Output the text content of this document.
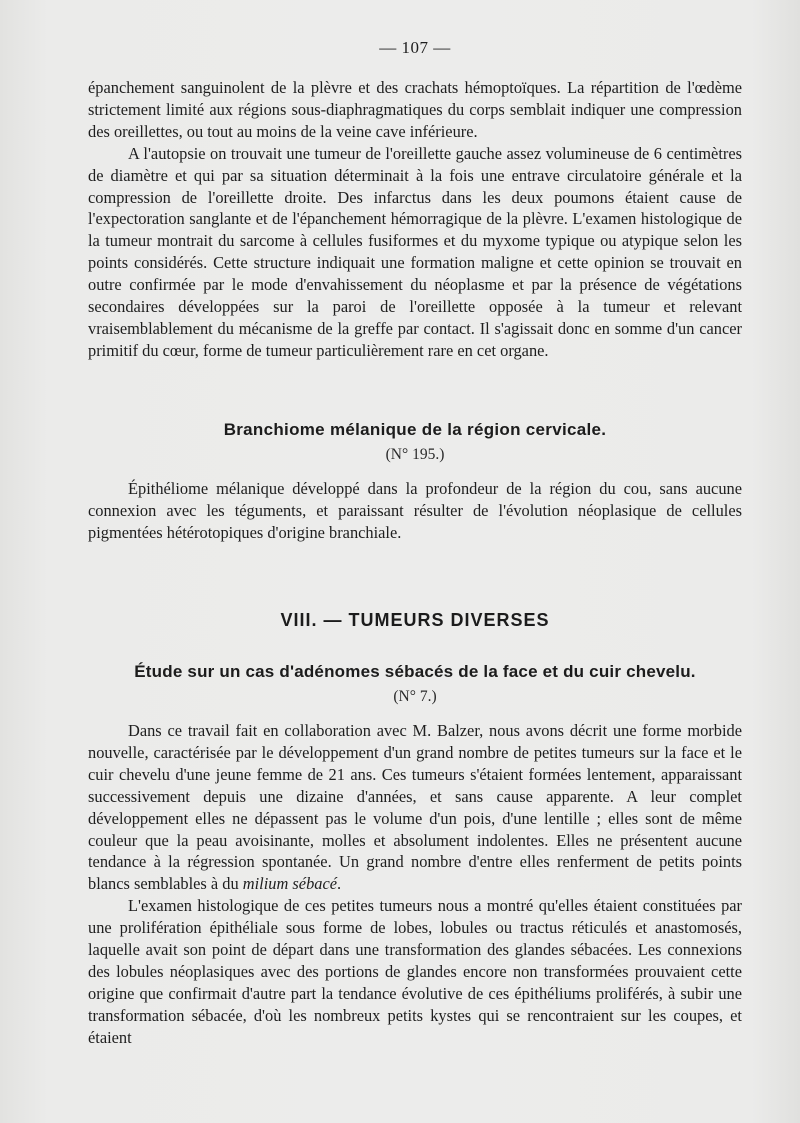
— 107 —

épanchement sanguinolent de la plèvre et des crachats hémoptoïques. La répartition de l'œdème strictement limité aux régions sous-diaphragmatiques du corps semblait indiquer une compression des oreillettes, ou tout au moins de la veine cave inférieure.

A l'autopsie on trouvait une tumeur de l'oreillette gauche assez volumineuse de 6 centimètres de diamètre et qui par sa situation déterminait à la fois une entrave circulatoire générale et la compression de l'oreillette droite. Des infarctus dans les deux poumons étaient cause de l'expectoration sanglante et de l'épanchement hémorragique de la plèvre. L'examen histologique de la tumeur montrait du sarcome à cellules fusiformes et du myxome typique ou atypique selon les points considérés. Cette structure indiquait une formation maligne et cette opinion se trouvait en outre confirmée par le mode d'envahissement du néoplasme et par la présence de végétations secondaires développées sur la paroi de l'oreillette opposée à la tumeur et relevant vraisemblablement du mécanisme de la greffe par contact. Il s'agissait donc en somme d'un cancer primitif du cœur, forme de tumeur particulièrement rare en cet organe.

Branchiome mélanique de la région cervicale.
(N° 195.)

Épithéliome mélanique développé dans la profondeur de la région du cou, sans aucune connexion avec les téguments, et paraissant résulter de l'évolution néoplasique de cellules pigmentées hétérotopiques d'origine branchiale.

VIII. — TUMEURS DIVERSES
Étude sur un cas d'adénomes sébacés de la face et du cuir chevelu.
(N° 7.)

Dans ce travail fait en collaboration avec M. Balzer, nous avons décrit une forme morbide nouvelle, caractérisée par le développement d'un grand nombre de petites tumeurs sur la face et le cuir chevelu d'une jeune femme de 21 ans. Ces tumeurs s'étaient formées lentement, apparaissant successivement depuis une dizaine d'années, et sans cause apparente. A leur complet développement elles ne dépassent pas le volume d'un pois, d'une lentille ; elles sont de même couleur que la peau avoisinante, molles et absolument indolentes. Elles ne présentent aucune tendance à la régression spontanée. Un grand nombre d'entre elles renferment de petits points blancs semblables à du milium sébacé.

L'examen histologique de ces petites tumeurs nous a montré qu'elles étaient constituées par une prolifération épithéliale sous forme de lobes, lobules ou tractus réticulés et anastomosés, laquelle avait son point de départ dans une transformation des glandes sébacées. Les connexions des lobules néoplasiques avec des portions de glandes encore non transformées prouvaient cette origine que confirmait d'autre part la tendance évolutive de ces épithéliums proliférés, à subir une transformation sébacée, d'où les nombreux petits kystes qui se rencontraient sur les coupes, et étaient
